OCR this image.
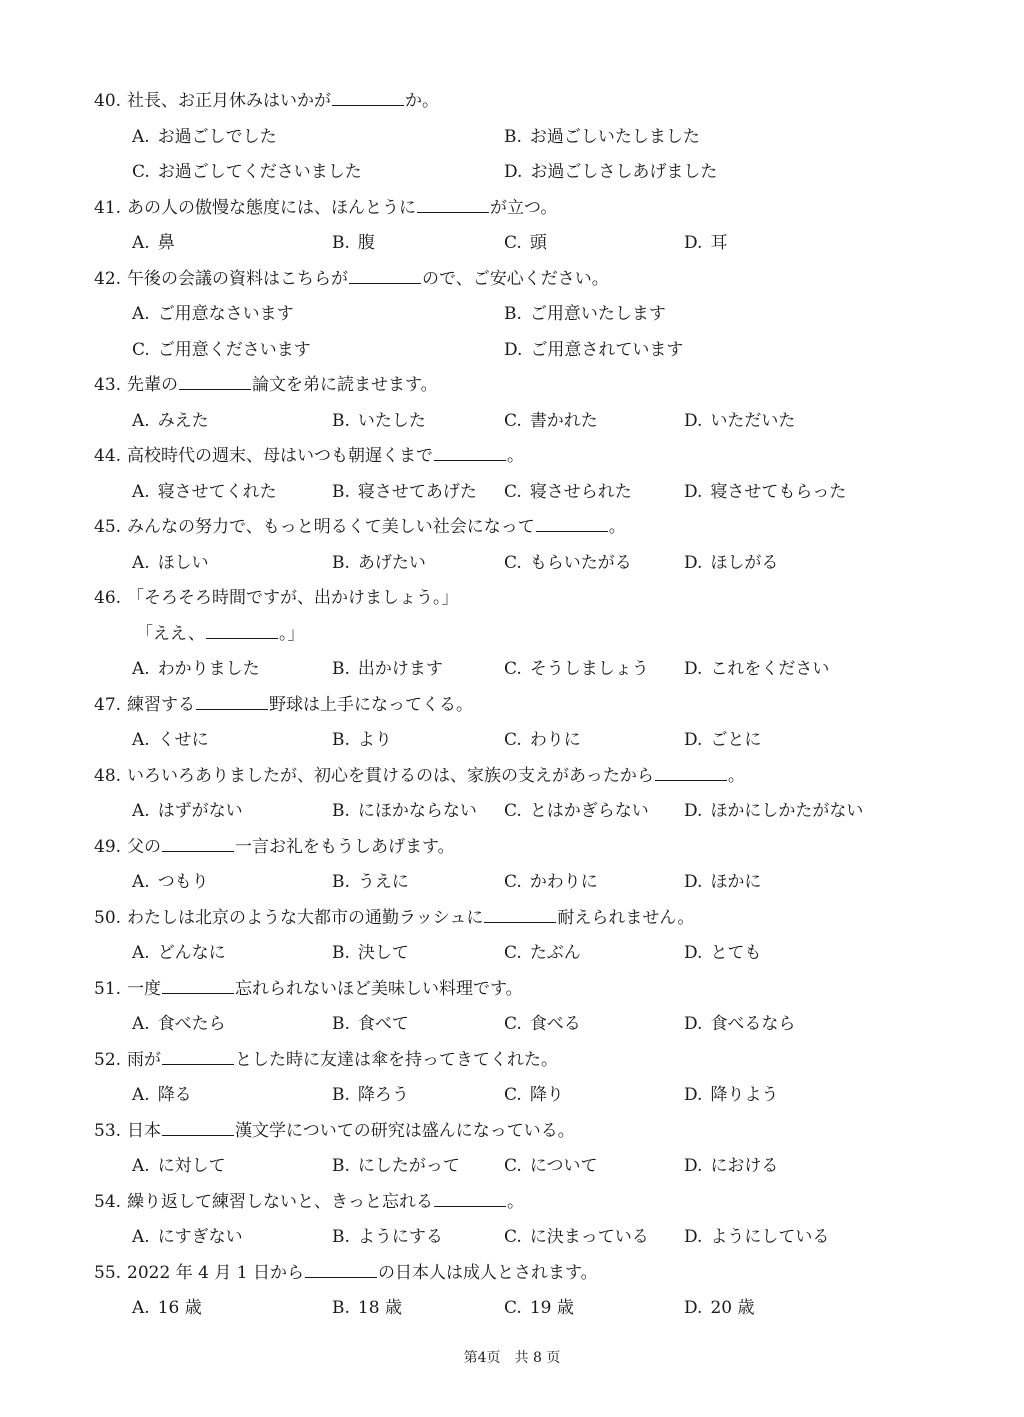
40. 社長、お正月休みはいかが	か。
A. お過ごしでした	B. お過ごしいたしました
C. お過ごしてくださいました	D. お過ごしさしあげました
41. あの人の傲慢な態度には、ほんとうに	が立つ。
A. 鼻	B. 腹	C. 頭	D. 耳
42. 午後の会議の資料はこちらが	ので、ご安心ください。
A. ご用意なさいます	B. ご用意いたします
C. ご用意くださいます	D. ご用意されています
43. 先輩の	論文を弟に読ませます。
A. みえた	B. いたした	C. 書かれた	D. いただいた
44. 高校時代の週末、母はいつも朝遅くまで	。
A. 寝させてくれた	B. 寝させてあげた C. 寝させられた	D. 寝させてもらった
45. みんなの努力で、もっと明るくて美しい社会になって	。
A. ほしい	B. あげたい	C. もらいたがる	D. ほしがる
46. 「そろそろ時間ですが、出かけましょう。」
「ええ、	。」
A. わかりました	B. 出かけます	C. そうしましょう D. これをください
47. 練習する	野球は上手になってくる。
A. くせに	B. より	C. わりに	D. ごとに
48. いろいろありましたが、初心を貫けるのは、家族の支えがあったから	。
A. はずがない	B. にほかならない C. とはかぎらない D. ほかにしかたがない
49. 父の	一言お礼をもうしあげます。
A. つもり	B. うえに	C. かわりに	D. ほかに
50. わたしは北京のような大都市の通勤ラッシュに	耐えられません。
A. どんなに	B. 決して	C. たぶん	D. とても
51. 一度	忘れられないほど美味しい料理です。
A. 食べたら	B. 食べて	C. 食べる	D. 食べるなら
52. 雨が	とした時に友達は傘を持ってきてくれた。
A. 降る	B. 降ろう	C. 降り	D. 降りよう
53. 日本	漢文学についての研究は盛んになっている。
A. に対して	B. にしたがって	C. について	D. における
54. 繰り返して練習しないと、きっと忘れる	。
A. にすぎない	B. ようにする	C. に決まっている D. ようにしている
55. 2022 年 4 月 1 日から	の日本人は成人とされます。
A. 16 歳	B. 18 歳	C. 19 歳	D. 20 歳
第4页　共 8 页
